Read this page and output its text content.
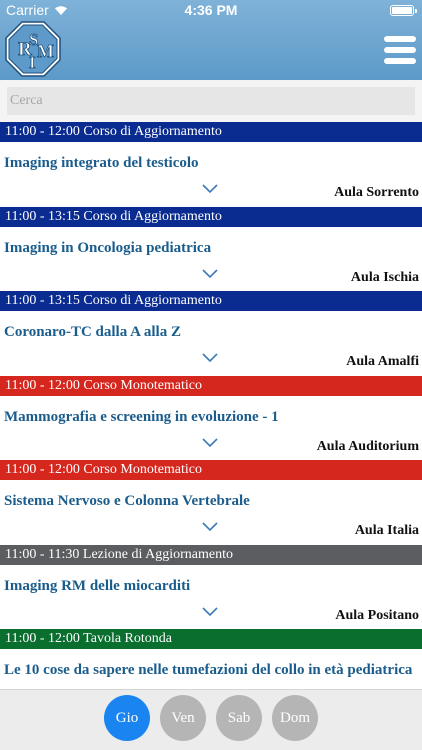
Carrier	4:36 PM
R
S
I
M
Cerca
11:00 - 12:00 Corso di Aggiornamento
Imaging integrato del testicolo
Aula Sorrento
11:00 - 13:15 Corso di Aggiornamento
Imaging in Oncologia pediatrica
Aula Ischia
11:00 - 13:15 Corso di Aggiornamento
Coronaro-TC dalla A alla Z
Aula Amalfi
11:00 - 12:00 Corso Monotematico
Mammografia e screening in evoluzione - 1
Aula Auditorium
11:00 - 12:00 Corso Monotematico
Sistema Nervoso e Colonna Vertebrale
Aula Italia
11:00 - 11:30 Lezione di Aggiornamento
Imaging RM delle miocarditi
Aula Positano
11:00 - 12:00 Tavola Rotonda
Le 10 cose da sapere nelle tumefazioni del collo in età pediatrica
Gio	Ven	Sab	Dom
